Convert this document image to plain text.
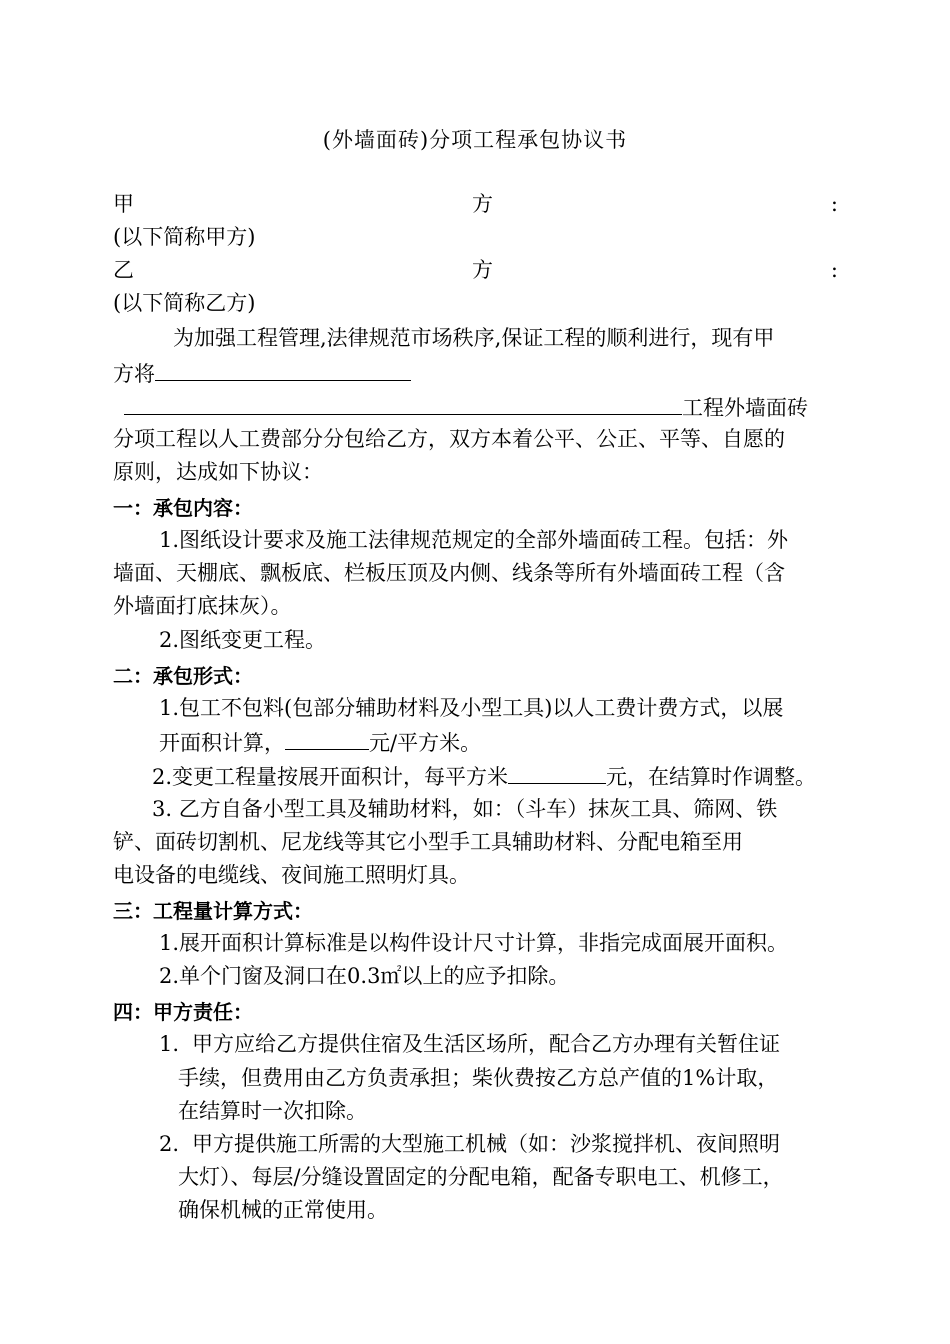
(外墙面砖)分项工程承包协议书
甲	方	:
(以下简称甲方)
乙	方	:
(以下简称乙方)
为加强工程管理,法律规范市场秩序,保证工程的顺利进行，现有甲
方将
工程外墙面砖
分项工程以人工费部分分包给乙方，双方本着公平、公正、平等、自愿的
原则，达成如下协议：
一：承包内容：
1.图纸设计要求及施工法律规范规定的全部外墙面砖工程。包括：外
墙面、天棚底、飘板底、栏板压顶及内侧、线条等所有外墙面砖工程（含
外墙面打底抹灰）。
2.图纸变更工程。
二：承包形式：
1.包工不包料(包部分辅助材料及小型工具)以人工费计费方式，以展
开面积计算，	元/平方米。
2.变更工程量按展开面积计，每平方米	元，在结算时作调整。
3. 乙方自备小型工具及辅助材料，如：（斗车）抹灰工具、筛网、铁
铲、面砖切割机、尼龙线等其它小型手工具辅助材料、分配电箱至用
电设备的电缆线、夜间施工照明灯具。
三：工程量计算方式：
1.展开面积计算标准是以构件设计尺寸计算，非指完成面展开面积。
2.单个门窗及洞口在0.3㎡以上的应予扣除。
四：甲方责任：
1. 甲方应给乙方提供住宿及生活区场所，配合乙方办理有关暂住证
手续，但费用由乙方负责承担；柴伙费按乙方总产值的1%计取，
在结算时一次扣除。
2. 甲方提供施工所需的大型施工机械（如：沙浆搅拌机、夜间照明
大灯）、每层/分缝设置固定的分配电箱，配备专职电工、机修工，
确保机械的正常使用。
